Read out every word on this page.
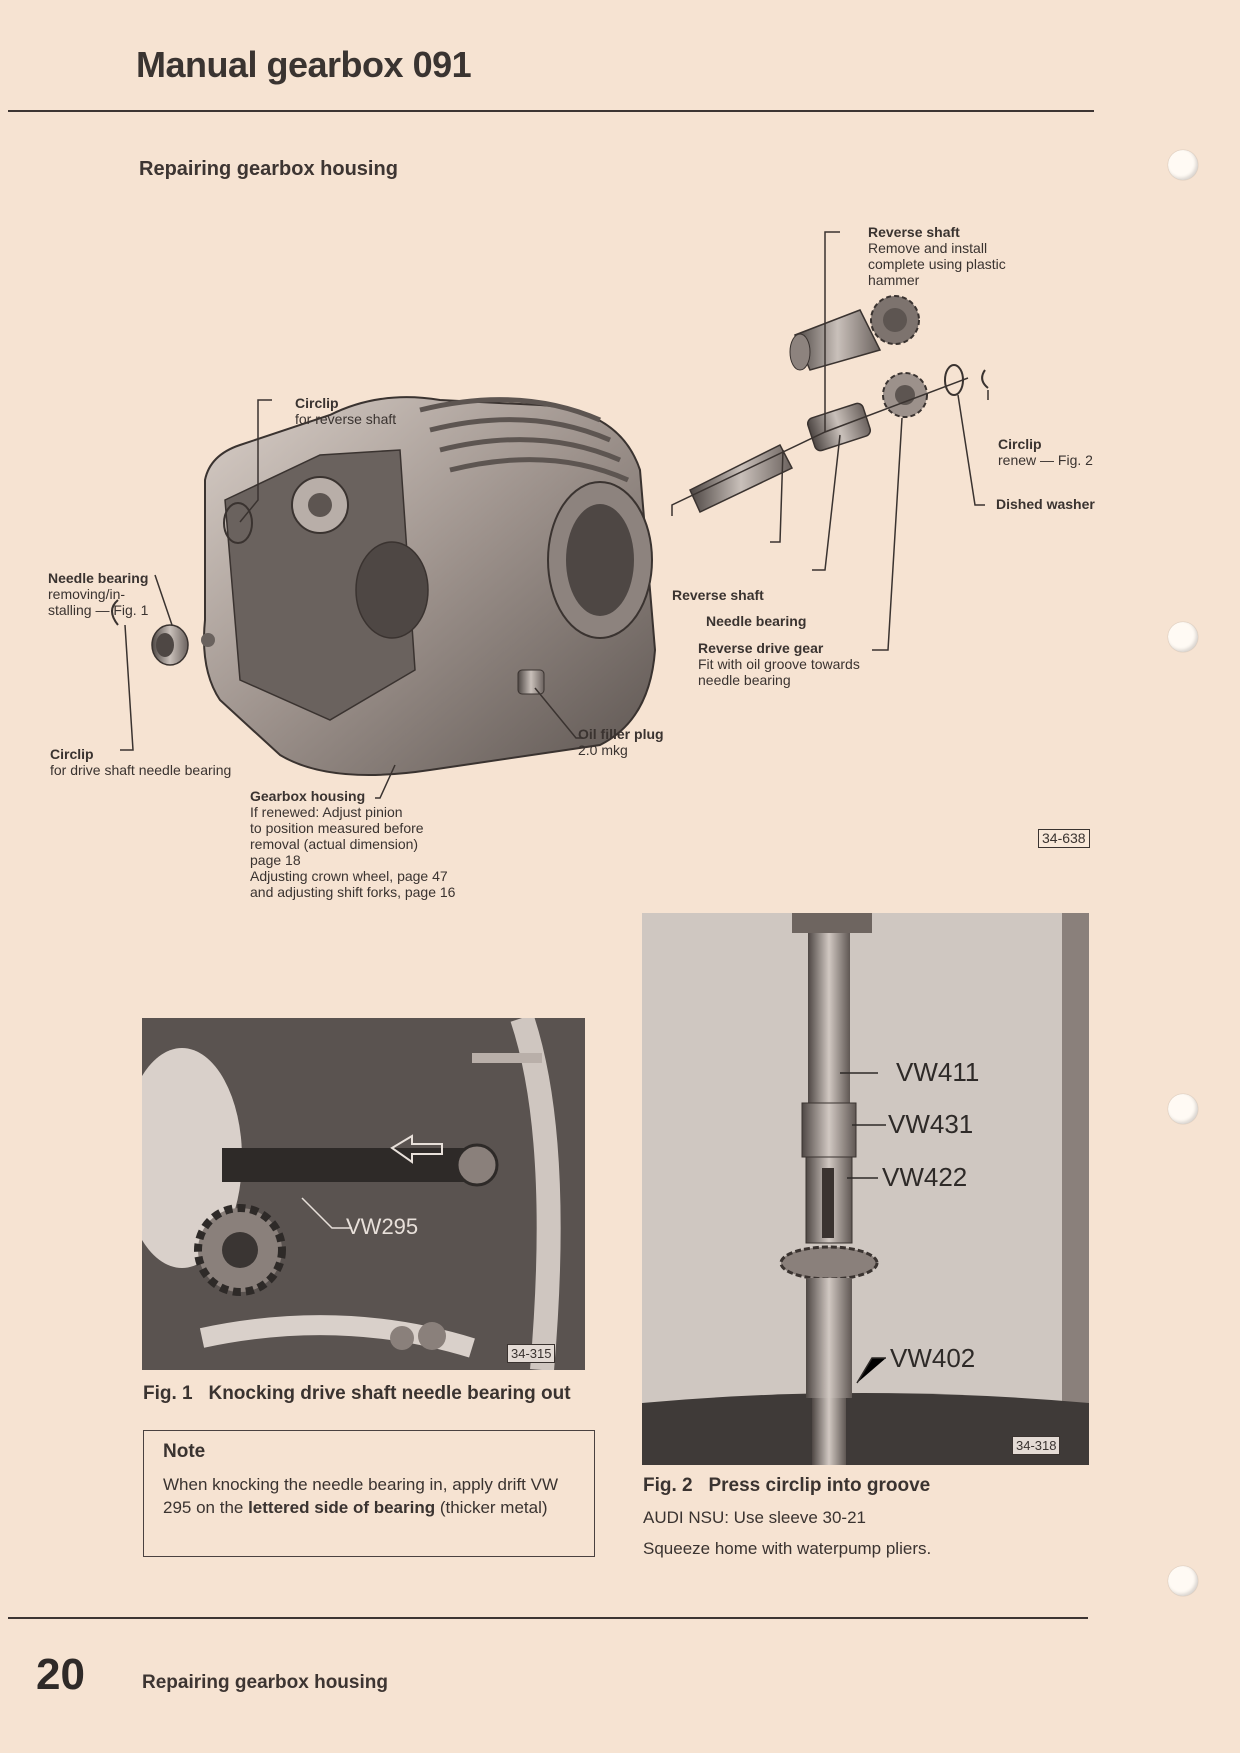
Manual gearbox 091
Repairing gearbox housing
Reverse shaft
Remove and install
complete using plastic
hammer
Circlip
for reverse shaft
Circlip
renew — Fig. 2
Dished washer
Needle bearing
removing/in-
stalling — Fig. 1
Reverse shaft
Needle bearing
Reverse drive gear
Fit with oil groove towards
needle bearing
Circlip
for drive shaft needle bearing
Oil filler plug
2.0 mkg
Gearbox housing
If renewed: Adjust pinion
to position measured before
removal (actual dimension)
page 18
Adjusting crown wheel, page 47
and adjusting shift forks, page 16
34-638
VW295
34-315
Fig. 1 Knocking drive shaft needle bearing out
Note
When knocking the needle bearing in, apply drift VW 295 on the lettered side of bearing (thicker metal)
VW411
VW431
VW422
VW402
34-318
Fig. 2 Press circlip into groove
AUDI NSU: Use sleeve 30-21
Squeeze home with waterpump pliers.
20	Repairing gearbox housing
